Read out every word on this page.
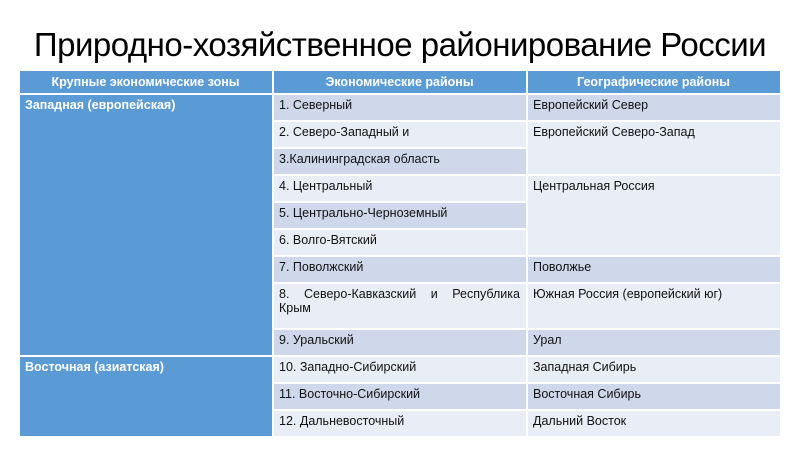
Природно-хозяйственное районирование России
Крупные экономические зоны	Экономические районы	Географические районы
Западная (европейская)	1. Северный	Европейский Север
	2. Северо-Западный и	Европейский Северо-Запад
	3.Калининградская область	
	4. Центральный	Центральная Россия
	5. Центрально-Черноземный	
	6. Волго-Вятский	
	7. Поволжский	Поволжье

	8.   Северо-Кавказский   и   Республика
Крым	Южная Россия (европейский юг)
	9. Уральский	Урал
Восточная (азиатская)	10. Западно-Сибирский	Западная Сибирь
	11. Восточно-Сибирский	Восточная Сибирь
	12. Дальневосточный	Дальний Восток
